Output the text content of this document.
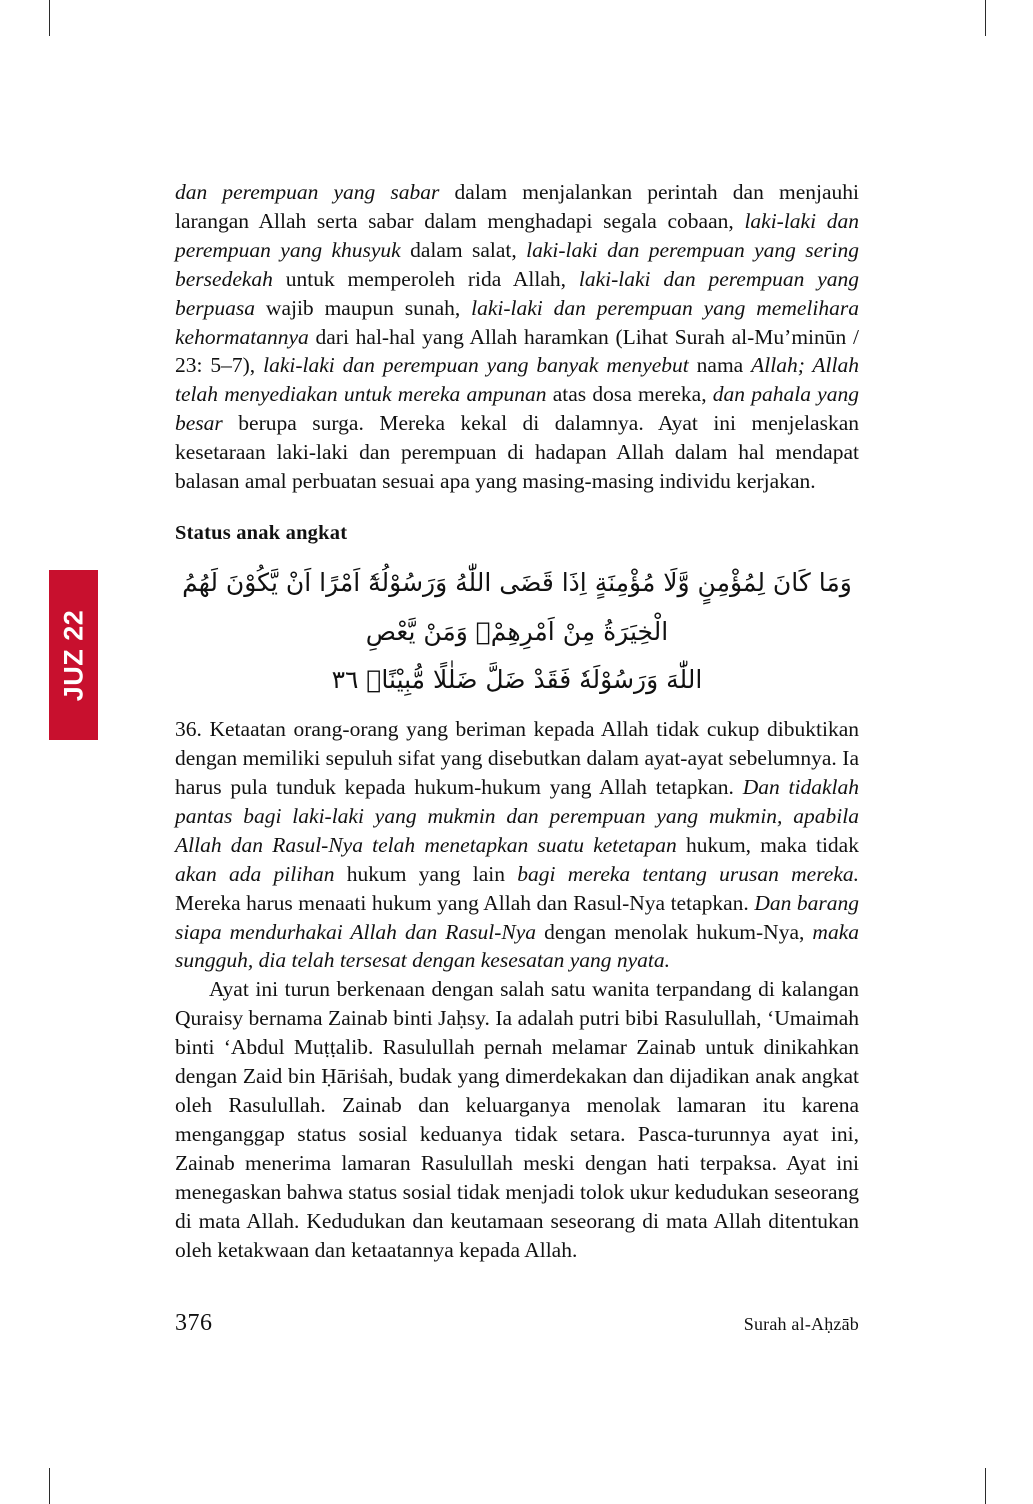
JUZ 22

dan perempuan yang sabar dalam menjalankan perintah dan menjauhi larangan Allah serta sabar dalam menghadapi segala cobaan, laki-laki dan perempuan yang khusyuk dalam salat, laki-laki dan perempuan yang sering bersedekah untuk memperoleh rida Allah, laki-laki dan perempuan yang berpuasa wajib maupun sunah, laki-laki dan perempuan yang memelihara kehormatannya dari hal-hal yang Allah haramkan (Lihat Surah al-Mu’minūn / 23: 5–7), laki-laki dan perempuan yang banyak menyebut nama Allah; Allah telah menyediakan untuk mereka ampunan atas dosa mereka, dan pahala yang besar berupa surga. Mereka kekal di dalamnya. Ayat ini menjelaskan kesetaraan laki-laki dan perempuan di hadapan Allah dalam hal mendapat balasan amal perbuatan sesuai apa yang masing-masing individu kerjakan.

Status anak angkat
وَمَا كَانَ لِمُؤْمِنٍ وَّلَا مُؤْمِنَةٍ اِذَا قَضَى اللّٰهُ وَرَسُوْلُهٗٓ اَمْرًا اَنْ يَّكُوْنَ لَهُمُ الْخِيَرَةُ مِنْ اَمْرِهِمْۗ وَمَنْ يَّعْصِ
اللّٰهَ وَرَسُوْلَهٗ فَقَدْ ضَلَّ ضَلٰلًا مُّبِيْنًاۗ ٣٦

36. Ketaatan orang-orang yang beriman kepada Allah tidak cukup dibuktikan dengan memiliki sepuluh sifat yang disebutkan dalam ayat-ayat sebelumnya. Ia harus pula tunduk kepada hukum-hukum yang Allah tetapkan. Dan tidaklah pantas bagi laki-laki yang mukmin dan perempuan yang mukmin, apabila Allah dan Rasul-Nya telah menetapkan suatu ketetapan hukum, maka tidak akan ada pilihan hukum yang lain bagi mereka tentang urusan mereka. Mereka harus menaati hukum yang Allah dan Rasul-Nya tetapkan. Dan barang siapa mendurhakai Allah dan Rasul-Nya dengan menolak hukum-Nya, maka sungguh, dia telah tersesat dengan kesesatan yang nyata.

Ayat ini turun berkenaan dengan salah satu wanita terpandang di kalangan Quraisy bernama Zainab binti Jaḥsy. Ia adalah putri bibi Rasulullah, ‘Umaimah binti ‘Abdul Muṭṭalib. Rasulullah pernah melamar Zainab untuk dinikahkan dengan Zaid bin Ḥāriṡah, budak yang dimerdekakan dan dijadikan anak angkat oleh Rasulullah. Zainab dan keluarganya menolak lamaran itu karena menganggap status sosial keduanya tidak setara. Pasca-turunnya ayat ini, Zainab menerima lamaran Rasulullah meski dengan hati terpaksa. Ayat ini menegaskan bahwa status sosial tidak menjadi tolok ukur kedudukan seseorang di mata Allah. Kedudukan dan keutamaan seseorang di mata Allah ditentukan oleh ketakwaan dan ketaatannya kepada Allah.

376	Surah al-Aḥzāb
